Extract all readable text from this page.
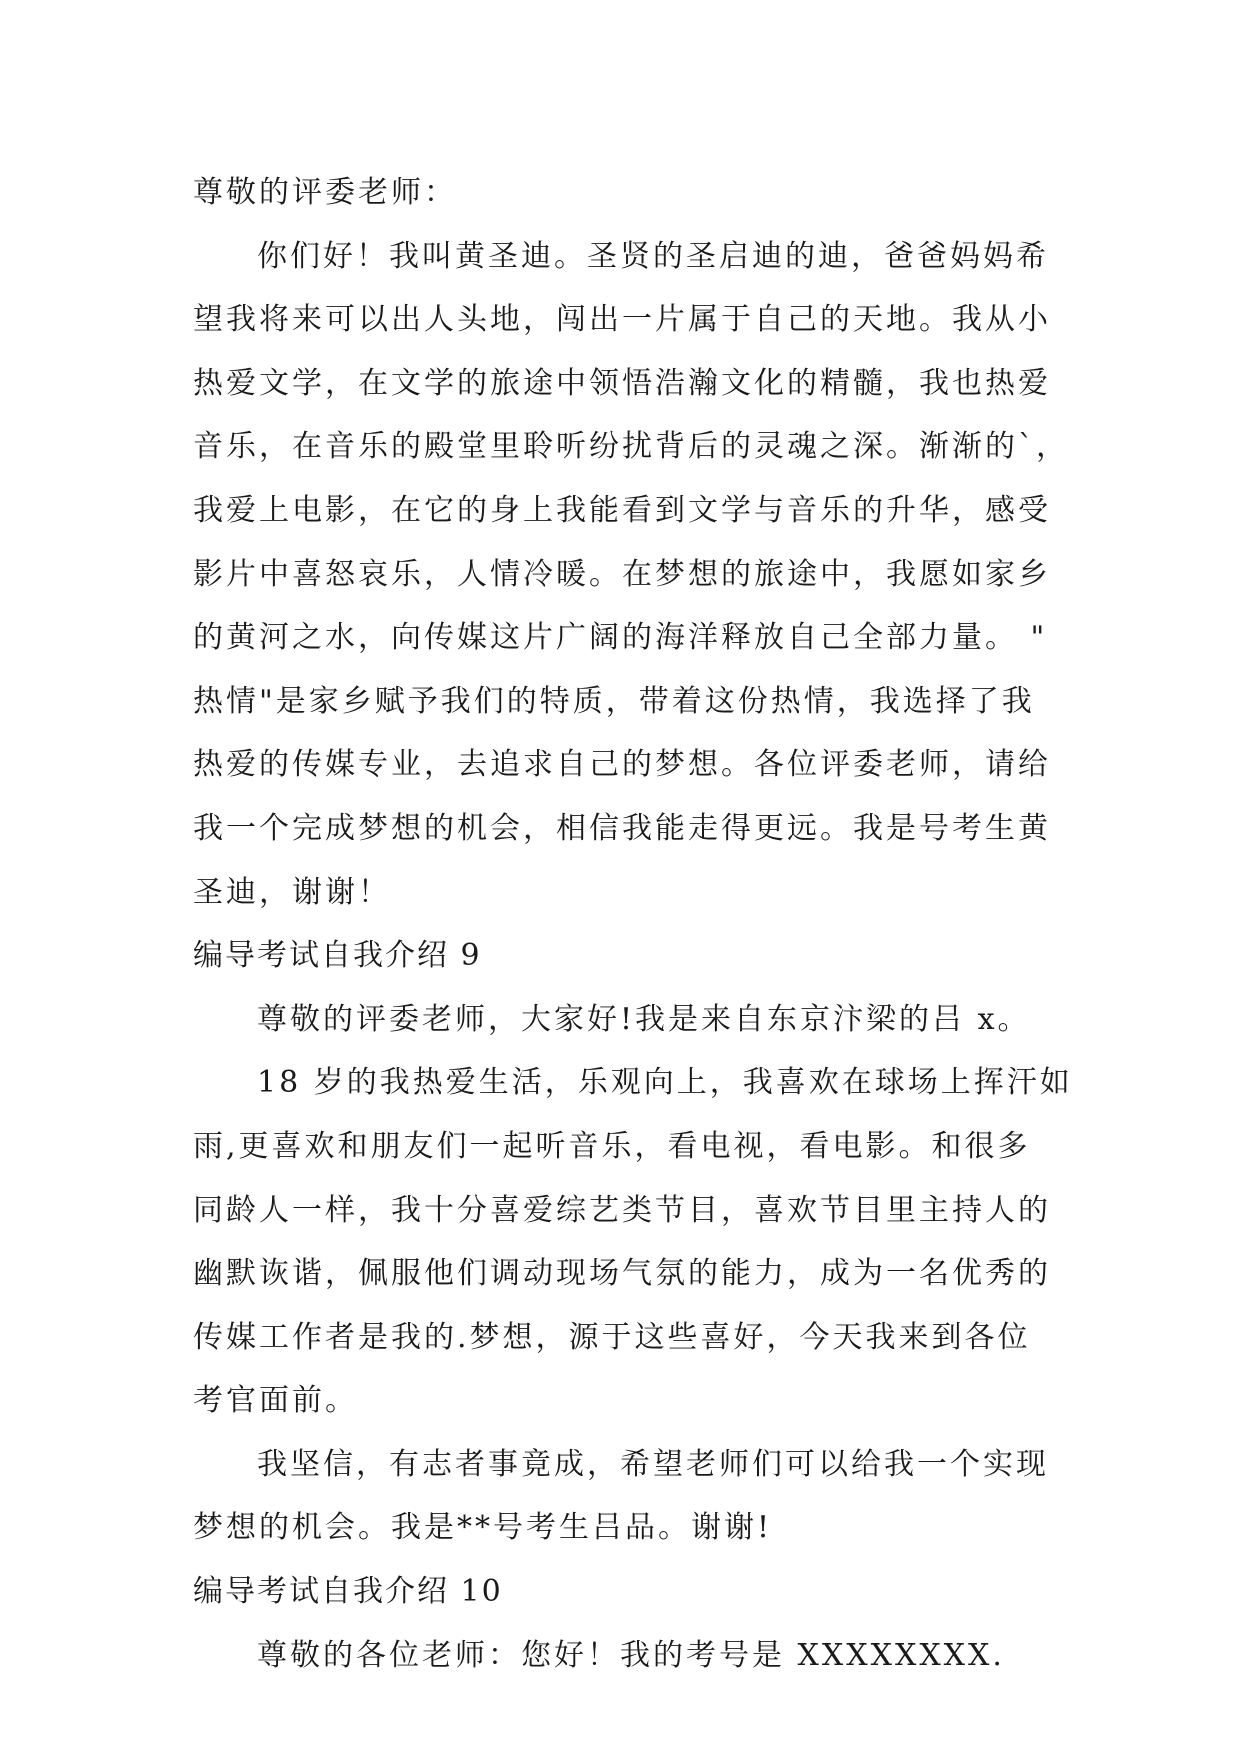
尊敬的评委老师：
你们好！我叫黄圣迪。圣贤的圣启迪的迪，爸爸妈妈希
望我将来可以出人头地，闯出一片属于自己的天地。我从小
热爱文学，在文学的旅途中领悟浩瀚文化的精髓，我也热爱
音乐，在音乐的殿堂里聆听纷扰背后的灵魂之深。渐渐的`，
我爱上电影，在它的身上我能看到文学与音乐的升华，感受
影片中喜怒哀乐，人情冷暖。在梦想的旅途中，我愿如家乡
的黄河之水，向传媒这片广阔的海洋释放自己全部力量。 "
热情"是家乡赋予我们的特质，带着这份热情，我选择了我
热爱的传媒专业，去追求自己的梦想。各位评委老师，请给
我一个完成梦想的机会，相信我能走得更远。我是号考生黄
圣迪，谢谢！
编导考试自我介绍 9
尊敬的评委老师，大家好!我是来自东京汴梁的吕 x。
18 岁的我热爱生活，乐观向上，我喜欢在球场上挥汗如
雨,更喜欢和朋友们一起听音乐，看电视，看电影。和很多
同龄人一样，我十分喜爱综艺类节目，喜欢节目里主持人的
幽默诙谐，佩服他们调动现场气氛的能力，成为一名优秀的
传媒工作者是我的.梦想，源于这些喜好，今天我来到各位
考官面前。
我坚信，有志者事竟成，希望老师们可以给我一个实现
梦想的机会。我是**号考生吕品。谢谢!
编导考试自我介绍 10
尊敬的各位老师：您好！我的考号是 XXXXXXXX.
